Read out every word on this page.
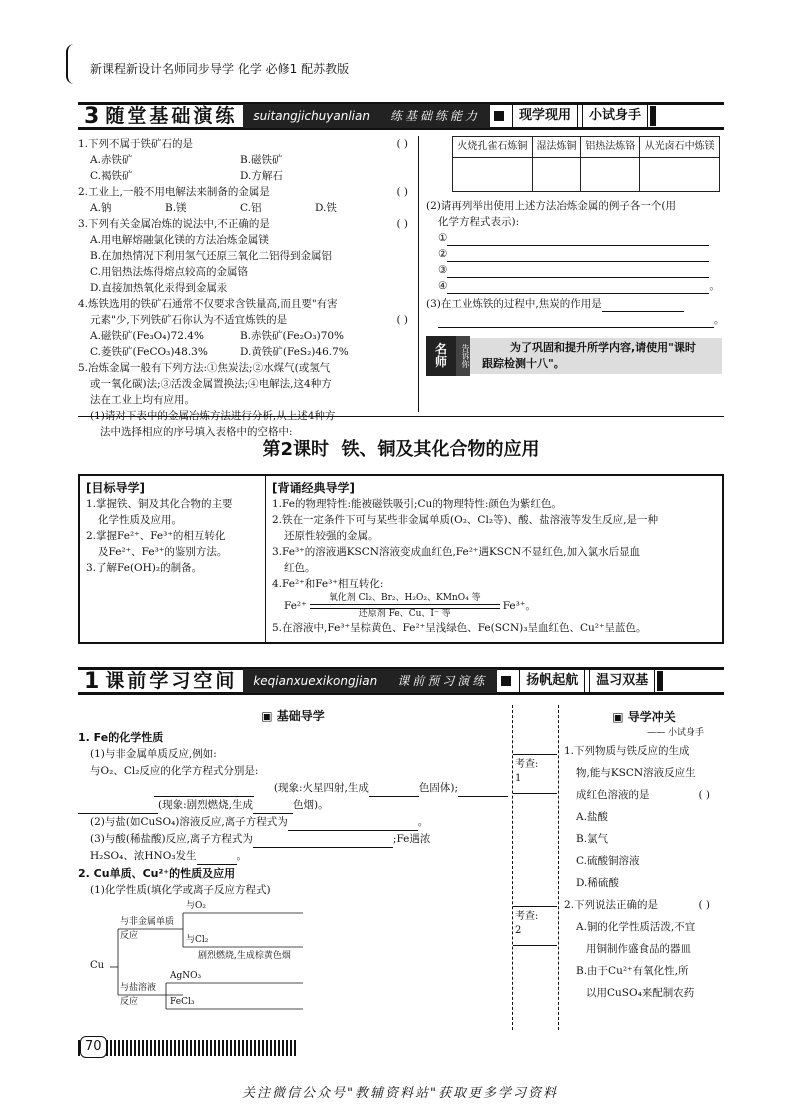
新课程新设计名师同步导学 化学 必修1 配苏教版
3 随堂基础演练	suitangjichuyanlian	练基础练能力	现学现用	小试身手
1.下列不属于铁矿石的是	( )
A.赤铁矿	B.磁铁矿
C.褐铁矿	D.方解石
2.工业上,一般不用电解法来制备的金属是	( )
A.钠	B.镁	C.铝	D.铁
3.下列有关金属冶炼的说法中,不正确的是	( )
A.用电解熔融氯化镁的方法冶炼金属镁
B.在加热情况下利用氢气还原三氧化二铝得到金属铝
C.用铝热法炼得熔点较高的金属铬
D.直接加热氧化汞得到金属汞
4.炼铁选用的铁矿石通常不仅要求含铁量高,而且要"有害
元素"少,下列铁矿石你认为不适宜炼铁的是	( )
A.磁铁矿(Fe₃O₄)72.4%	B.赤铁矿(Fe₂O₃)70%
C.菱铁矿(FeCO₃)48.3%	D.黄铁矿(FeS₂)46.7%
5.冶炼金属一般有下列方法:①焦炭法;②水煤气(或氢气
或一氧化碳)法;③活泼金属置换法;④电解法,这4种方
法在工业上均有应用。
(1)请对下表中的金属冶炼方法进行分析,从上述4种方
法中选择相应的序号填入表格中的空格中:
火烧孔雀石炼铜	湿法炼铜	铝热法炼铬	从光卤石中炼镁

(2)请再列举出使用上述方法冶炼金属的例子各一个(用
化学方程式表示):
①
②
③
④	。
(3)在工业炼铁的过程中,焦炭的作用是
。
名
师	告诉你	为了巩固和提升所学内容,请使用"课时
跟踪检测十八"。
第2课时  铁、铜及其化合物的应用
[目标导学]
1.掌握铁、铜及其化合物的主要
化学性质及应用。
2.掌握Fe²⁺、Fe³⁺的相互转化
及Fe²⁺、Fe³⁺的鉴别方法。
3.了解Fe(OH)₂的制备。
[背诵经典导学]
1.Fe的物理特性:能被磁铁吸引;Cu的物理特性:颜色为紫红色。
2.铁在一定条件下可与某些非金属单质(O₂、Cl₂等)、酸、盐溶液等发生反应,是一种
还原性较强的金属。
3.Fe³⁺的溶液遇KSCN溶液变成血红色,Fe²⁺遇KSCN不显红色,加入氯水后显血
红色。
4.Fe²⁺和Fe³⁺相互转化:
Fe²⁺
氧化剂 Cl₂、Br₂、H₂O₂、KMnO₄ 等
还原剂 Fe、Cu、I⁻ 等
Fe³⁺。
5.在溶液中,Fe³⁺呈棕黄色、Fe²⁺呈浅绿色、Fe(SCN)₃呈血红色、Cu²⁺呈蓝色。
1 课前学习空间	keqianxuexikongjian	课前预习演练	扬帆起航	温习双基
▣ 基础导学
1. Fe的化学性质
(1)与非金属单质反应,例如:
与O₂、Cl₂反应的化学方程式分别是:
(现象:火星四射,生成	色固体);
(现象:剧烈燃烧,生成	色烟)。
(2)与盐(如CuSO₄)溶液反应,离子方程式为	。
(3)与酸(稀盐酸)反应,离子方程式为	;Fe遇浓
H₂SO₄、浓HNO₃发生	。
2. Cu单质、Cu²⁺的性质及应用
(1)化学性质(填化学或离子反应方程式)
Cu
与非金属单质
反应
与O₂
与Cl₂
剧烈燃烧,生成棕黄色烟
与盐溶液
反应
AgNO₃
FeCl₃
考查:
1
考查:
2
▣ 导学冲关
—— 小试身手
1.下列物质与铁反应的生成
物,能与KSCN溶液反应生
成红色溶液的是	( )
A.盐酸
B.氯气
C.硫酸铜溶液
D.稀硫酸
2.下列说法正确的是	( )
A.铜的化学性质活泼,不宜
用铜制作盛食品的器皿
B.由于Cu²⁺有氧化性,所
以用CuSO₄来配制农药
70
关注微信公众号"教辅资料站"获取更多学习资料
